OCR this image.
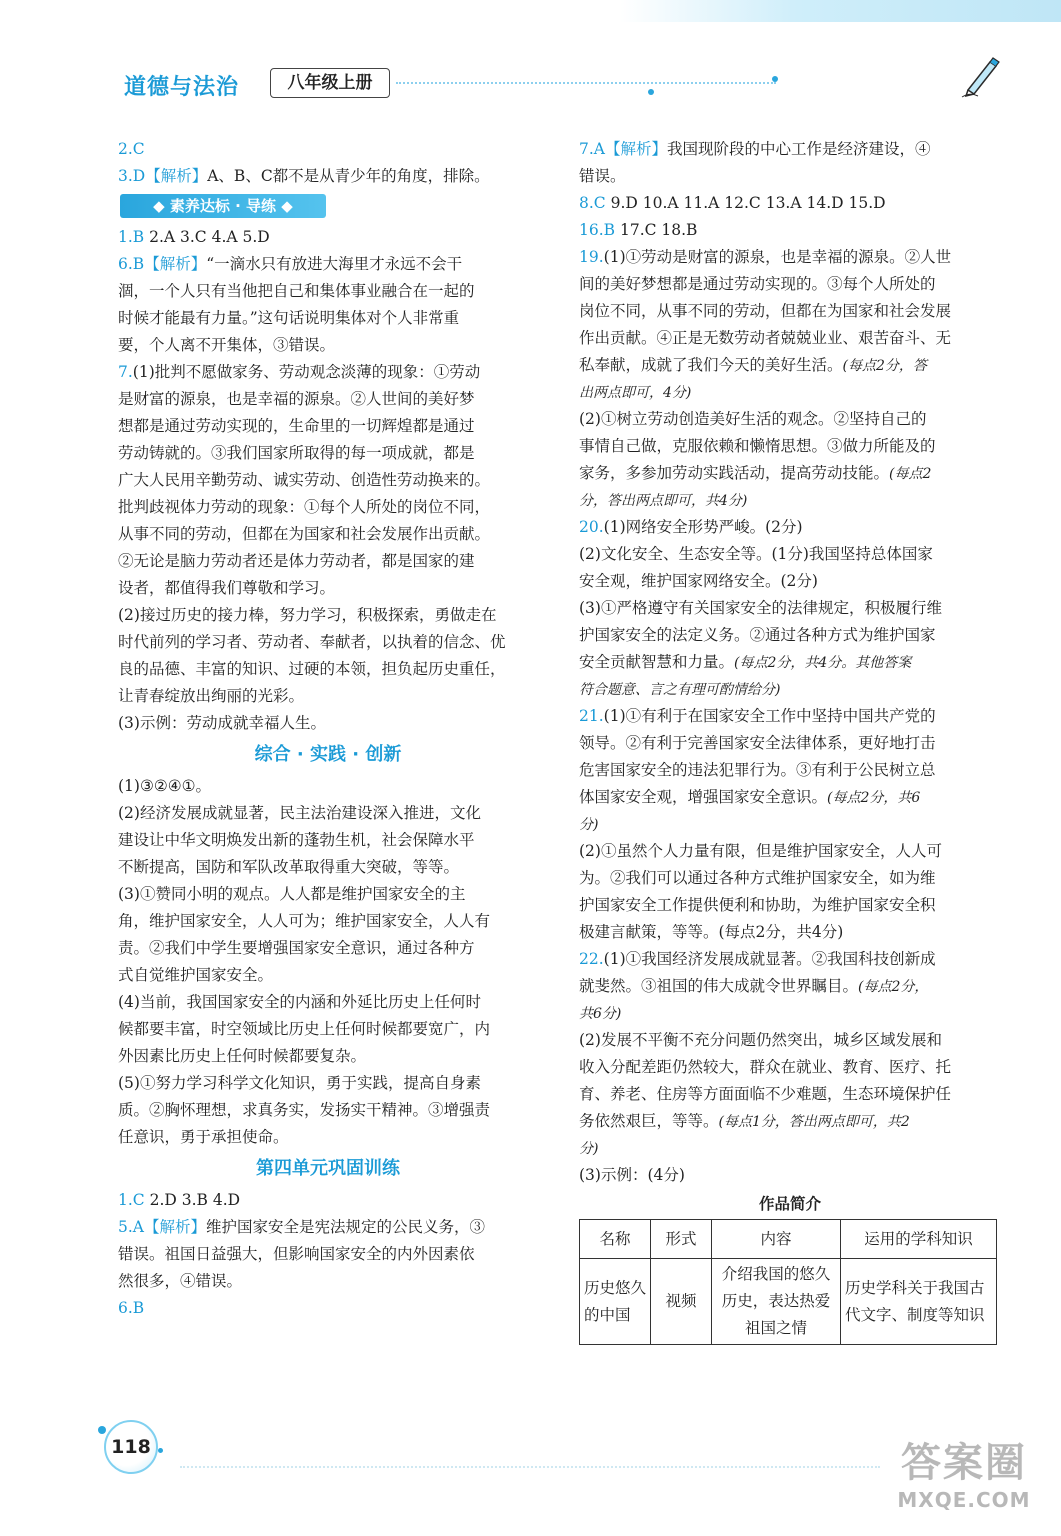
道德与法治	八年级上册
2.C
3.D【解析】A、B、C都不是从青少年的角度，排除。
◆ 素养达标 · 导练 ◆
1.B 2.A 3.C 4.A 5.D
6.B【解析】“一滴水只有放进大海里才永远不会干
涸，一个人只有当他把自己和集体事业融合在一起的
时候才能最有力量。”这句话说明集体对个人非常重
要，个人离不开集体，③错误。
7.(1)批判不愿做家务、劳动观念淡薄的现象：①劳动
是财富的源泉，也是幸福的源泉。②人世间的美好梦
想都是通过劳动实现的，生命里的一切辉煌都是通过
劳动铸就的。③我们国家所取得的每一项成就，都是
广大人民用辛勤劳动、诚实劳动、创造性劳动换来的。
批判歧视体力劳动的现象：①每个人所处的岗位不同，
从事不同的劳动，但都在为国家和社会发展作出贡献。
②无论是脑力劳动者还是体力劳动者，都是国家的建
设者，都值得我们尊敬和学习。
(2)接过历史的接力棒，努力学习，积极探索，勇做走在
时代前列的学习者、劳动者、奉献者，以执着的信念、优
良的品德、丰富的知识、过硬的本领，担负起历史重任，
让青春绽放出绚丽的光彩。
(3)示例：劳动成就幸福人生。
综合 · 实践 · 创新
(1)③②④①。
(2)经济发展成就显著，民主法治建设深入推进，文化
建设让中华文明焕发出新的蓬勃生机，社会保障水平
不断提高，国防和军队改革取得重大突破，等等。
(3)①赞同小明的观点。人人都是维护国家安全的主
角，维护国家安全，人人可为；维护国家安全，人人有
责。②我们中学生要增强国家安全意识，通过各种方
式自觉维护国家安全。
(4)当前，我国国家安全的内涵和外延比历史上任何时
候都要丰富，时空领域比历史上任何时候都要宽广，内
外因素比历史上任何时候都要复杂。
(5)①努力学习科学文化知识，勇于实践，提高自身素
质。②胸怀理想，求真务实，发扬实干精神。③增强责
任意识，勇于承担使命。
第四单元巩固训练
1.C 2.D 3.B 4.D
5.A【解析】维护国家安全是宪法规定的公民义务，③
错误。祖国日益强大，但影响国家安全的内外因素依
然很多，④错误。
6.B
7.A【解析】我国现阶段的中心工作是经济建设，④
错误。
8.C 9.D 10.A 11.A 12.C 13.A 14.D 15.D
16.B 17.C 18.B
19.(1)①劳动是财富的源泉，也是幸福的源泉。②人世
间的美好梦想都是通过劳动实现的。③每个人所处的
岗位不同，从事不同的劳动，但都在为国家和社会发展
作出贡献。④正是无数劳动者兢兢业业、艰苦奋斗、无
私奉献，成就了我们今天的美好生活。(每点2分，答
出两点即可，4分)
(2)①树立劳动创造美好生活的观念。②坚持自己的
事情自己做，克服依赖和懒惰思想。③做力所能及的
家务，多参加劳动实践活动，提高劳动技能。(每点2
分，答出两点即可，共4分)
20.(1)网络安全形势严峻。(2分)
(2)文化安全、生态安全等。(1分)我国坚持总体国家
安全观，维护国家网络安全。(2分)
(3)①严格遵守有关国家安全的法律规定，积极履行维
护国家安全的法定义务。②通过各种方式为维护国家
安全贡献智慧和力量。(每点2分，共4分。其他答案
符合题意、言之有理可酌情给分)
21.(1)①有利于在国家安全工作中坚持中国共产党的
领导。②有利于完善国家安全法律体系，更好地打击
危害国家安全的违法犯罪行为。③有利于公民树立总
体国家安全观，增强国家安全意识。(每点2分，共6
分)
(2)①虽然个人力量有限，但是维护国家安全，人人可
为。②我们可以通过各种方式维护国家安全，如为维
护国家安全工作提供便利和协助，为维护国家安全积
极建言献策，等等。(每点2分，共4分)
22.(1)①我国经济发展成就显著。②我国科技创新成
就斐然。③祖国的伟大成就令世界瞩目。(每点2分，
共6分)
(2)发展不平衡不充分问题仍然突出，城乡区域发展和
收入分配差距仍然较大，群众在就业、教育、医疗、托
育、养老、住房等方面面临不少难题，生态环境保护任
务依然艰巨，等等。(每点1分，答出两点即可，共2
分)
(3)示例：(4分)
作品简介
名称	形式	内容	运用的学科知识
历史悠久的中国	视频	介绍我国的悠久历史，表达热爱祖国之情	历史学科关于我国古代文字、制度等知识
118	答案圈
MXQE.COM
